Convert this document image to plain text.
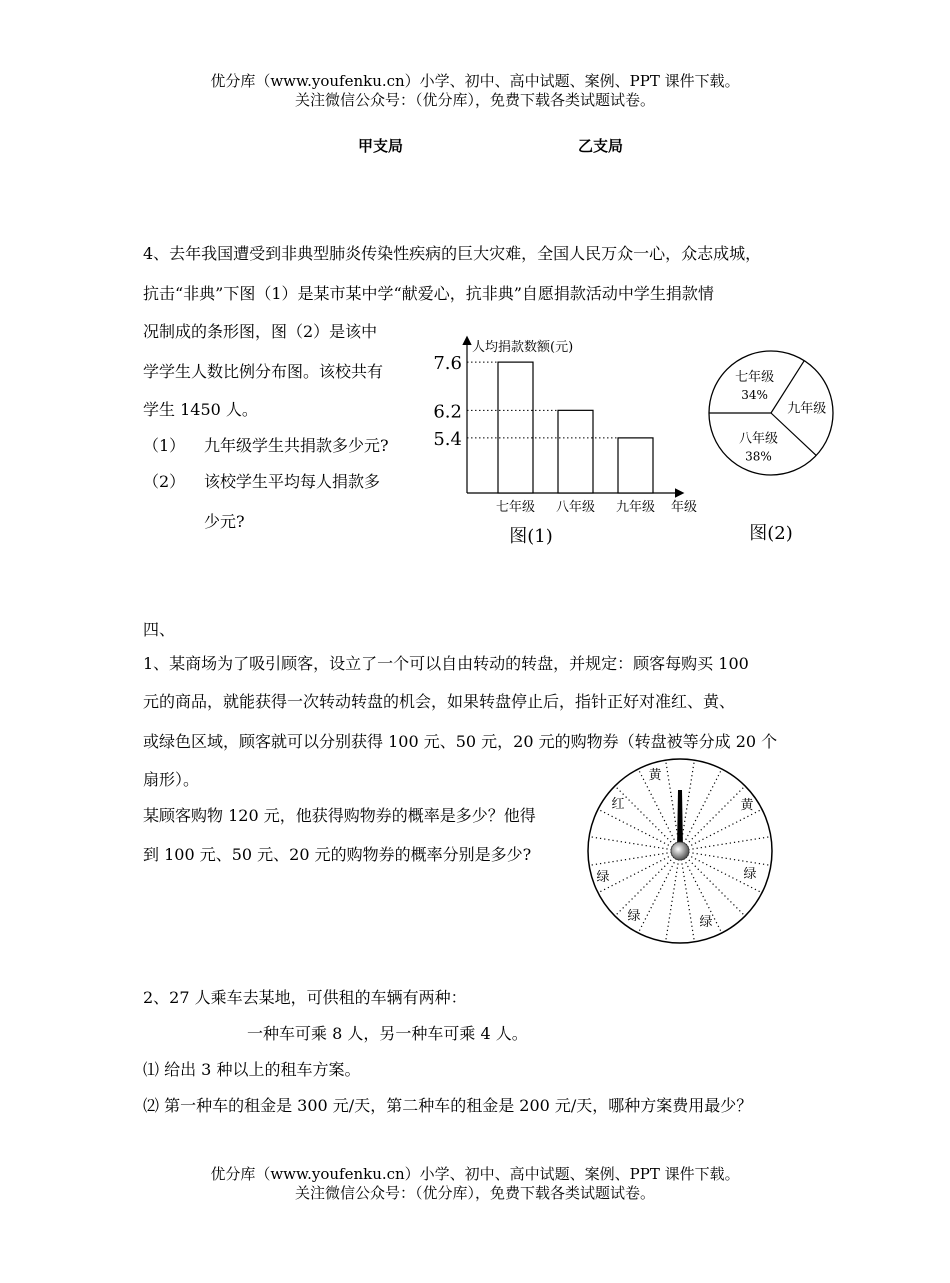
优分库（www.youfenku.cn）小学、初中、高中试题、案例、PPT 课件下载。
关注微信公众号：（优分库），免费下载各类试题试卷。
甲支局	乙支局
4、去年我国遭受到非典型肺炎传染性疾病的巨大灾难，全国人民万众一心，众志成城，
抗击“非典”下图（1）是某市某中学“献爱心，抗非典”自愿捐款活动中学生捐款情
况制成的条形图，图（2）是该中
学学生人数比例分布图。该校共有
学生 1450 人。
（1） 九年级学生共捐款多少元?
（2） 该校学生平均每人捐款多
少元?
人均捐款数额(元)
年级
图(1)
7.6
七年级
6.2
八年级
5.4
九年级
七年级
34%
九年级
八年级
38%
图(2)
四、
1、某商场为了吸引顾客，设立了一个可以自由转动的转盘，并规定：顾客每购买 100
元的商品，就能获得一次转动转盘的机会，如果转盘停止后，指针正好对准红、黄、
或绿色区域，顾客就可以分别获得 100 元、50 元，20 元的购物券（转盘被等分成 20 个
扇形）。
某顾客购物 120 元，他获得购物券的概率是多少？他得
到 100 元、50 元、20 元的购物券的概率分别是多少?
黄
黄
绿
绿
绿
绿
红
2、27 人乘车去某地，可供租的车辆有两种：
一种车可乘 8 人，另一种车可乘 4 人。
⑴ 给出 3 种以上的租车方案。
⑵ 第一种车的租金是 300 元/天，第二种车的租金是 200 元/天，哪种方案费用最少？
优分库（www.youfenku.cn）小学、初中、高中试题、案例、PPT 课件下载。
关注微信公众号：（优分库），免费下载各类试题试卷。
